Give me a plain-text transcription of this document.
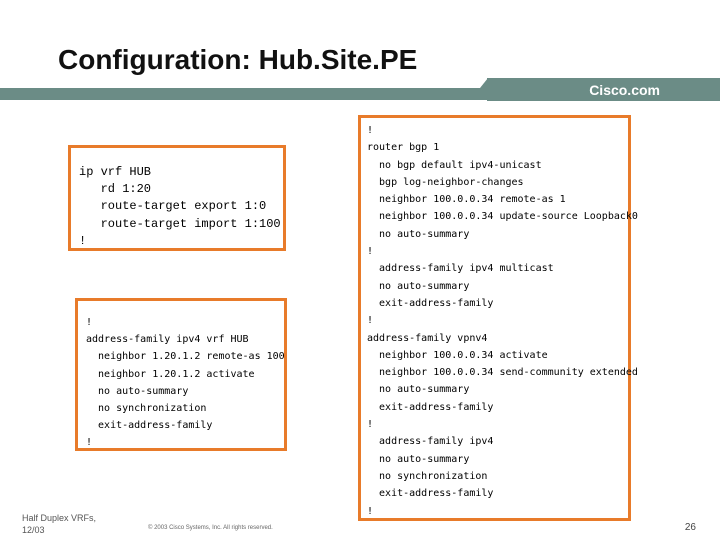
Configuration: Hub.Site.PE
Cisco.com
ip vrf HUB
rd 1:20
route-target export 1:0
route-target import 1:100
!
!
address-family ipv4 vrf HUB
neighbor 1.20.1.2 remote-as 100
neighbor 1.20.1.2 activate
no auto-summary
no synchronization
exit-address-family
!
!
router bgp 1
no bgp default ipv4-unicast
bgp log-neighbor-changes
neighbor 100.0.0.34 remote-as 1
neighbor 100.0.0.34 update-source Loopback0
no auto-summary
!
address-family ipv4 multicast
no auto-summary
exit-address-family
!
address-family vpnv4
neighbor 100.0.0.34 activate
neighbor 100.0.0.34 send-community extended
no auto-summary
exit-address-family
!
address-family ipv4
no auto-summary
no synchronization
exit-address-family
!
Half Duplex VRFs,
12/03	© 2003 Cisco Systems, Inc. All rights reserved.	26
